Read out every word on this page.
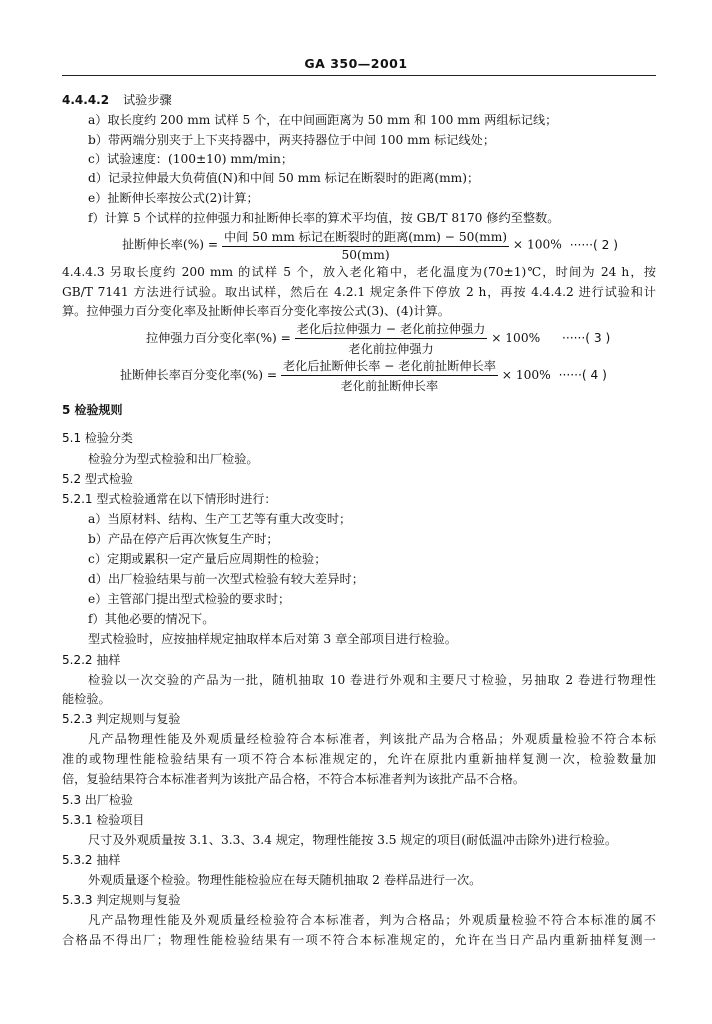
GA 350—2001
4.4.4.2 试验步骤
a）取长度约 200 mm 试样 5 个，在中间画距离为 50 mm 和 100 mm 两组标记线；
b）带两端分别夹于上下夹持器中，两夹持器位于中间 100 mm 标记线处；
c）试验速度：(100±10) mm/min；
d）记录拉伸最大负荷值(N)和中间 50 mm 标记在断裂时的距离(mm)；
e）扯断伸长率按公式(2)计算；
f）计算 5 个试样的拉伸强力和扯断伸长率的算术平均值，按 GB/T 8170 修约至整数。
扯断伸长率(%) = $\frac{\text{中间 50 mm 标记在断裂时的距离(mm) − 50(mm)}}{50(mm)} \times 100\%$ ······( 2 )
4.4.4.3 另取长度约 200 mm 的试样 5 个，放入老化箱中，老化温度为(70±1)℃，时间为 24 h，按
GB/T 7141 方法进行试验。取出试样，然后在 4.2.1 规定条件下停放 2 h，再按 4.4.4.2 进行试验和计
算。拉伸强力百分变化率及扯断伸长率百分变化率按公式(3)、(4)计算。
拉伸强力百分变化率(%) = $\frac{\text{老化后拉伸强力 − 老化前拉伸强力}}{\text{老化前拉伸强力}} \times 100\%$ ······( 3 )
扯断伸长率百分变化率(%) = $\frac{\text{老化后扯断伸长率 − 老化前扯断伸长率}}{\text{老化前扯断伸长率}} \times 100\%$ ······( 4 )
5 检验规则
5.1 检验分类
检验分为型式检验和出厂检验。
5.2 型式检验
5.2.1 型式检验通常在以下情形时进行：
a）当原材料、结构、生产工艺等有重大改变时；
b）产品在停产后再次恢复生产时；
c）定期或累积一定产量后应周期性的检验；
d）出厂检验结果与前一次型式检验有较大差异时；
e）主管部门提出型式检验的要求时；
f）其他必要的情况下。
型式检验时，应按抽样规定抽取样本后对第 3 章全部项目进行检验。
5.2.2 抽样
检验以一次交验的产品为一批，随机抽取 10 卷进行外观和主要尺寸检验，另抽取 2 卷进行物理性
能检验。
5.2.3 判定规则与复验
凡产品物理性能及外观质量经检验符合本标准者，判该批产品为合格品；外观质量检验不符合本标
准的或物理性能检验结果有一项不符合本标准规定的，允许在原批内重新抽样复测一次，检验数量加
倍，复验结果符合本标准者判为该批产品合格，不符合本标准者判为该批产品不合格。
5.3 出厂检验
5.3.1 检验项目
尺寸及外观质量按 3.1、3.3、3.4 规定，物理性能按 3.5 规定的项目(耐低温冲击除外)进行检验。
5.3.2 抽样
外观质量逐个检验。物理性能检验应在每天随机抽取 2 卷样品进行一次。
5.3.3 判定规则与复验
凡产品物理性能及外观质量经检验符合本标准者，判为合格品；外观质量检验不符合本标准的属不
合格品不得出厂；物理性能检验结果有一项不符合本标准规定的，允许在当日产品内重新抽样复测一
